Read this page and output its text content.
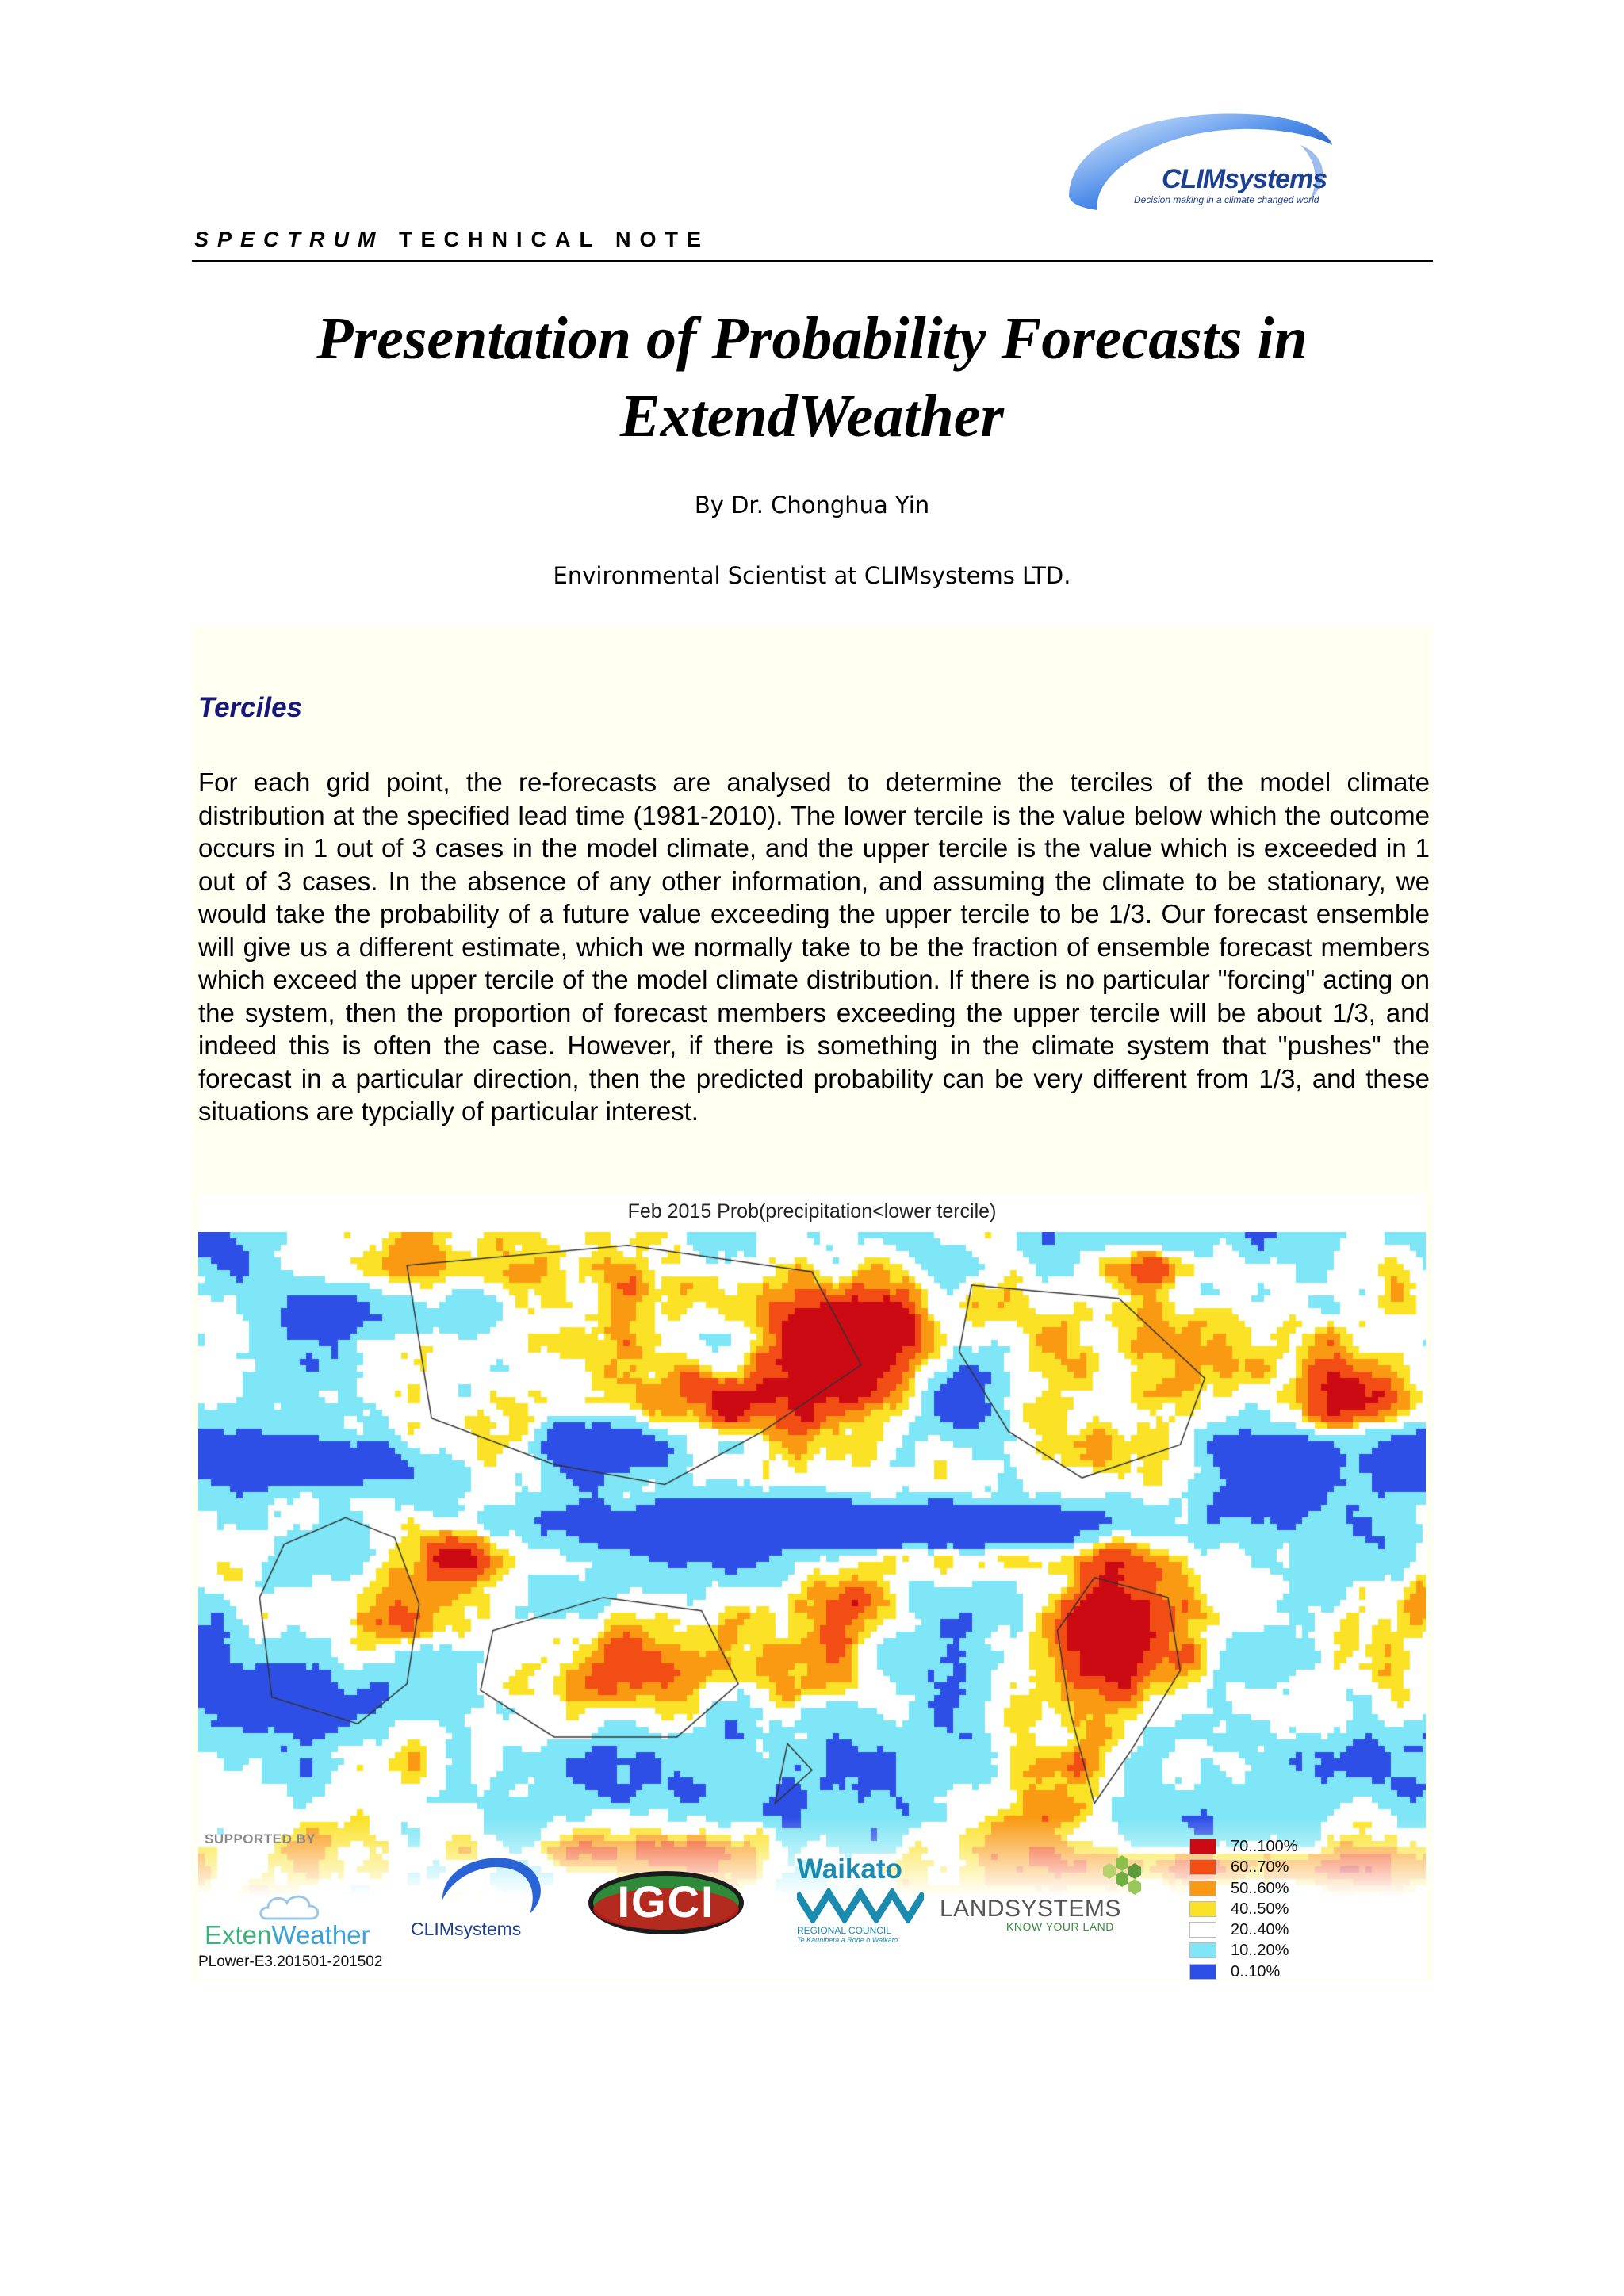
CLIMsystems
Decision making in a climate changed world
SPECTRUM TECHNICAL NOTE
Presentation of Probability Forecasts in
ExtendWeather
By Dr. Chonghua Yin
Environmental Scientist at CLIMsystems LTD.
Terciles
For each grid point, the re-forecasts are analysed to determine the terciles of the model climate distribution at the specified lead time (1981-2010). The lower tercile is the value below which the outcome occurs in 1 out of 3 cases in the model climate, and the upper tercile is the value which is exceeded in 1 out of 3 cases. In the absence of any other information, and assuming the climate to be stationary, we would take the probability of a future value exceeding the upper tercile to be 1/3. Our forecast ensemble will give us a different estimate, which we normally take to be the fraction of ensemble forecast members which exceed the upper tercile of the model climate distribution. If there is no particular "forcing" acting on the system, then the proportion of forecast members exceeding the upper tercile will be about 1/3, and indeed this is often the case. However, if there is something in the climate system that "pushes" the forecast in a particular direction, then the predicted probability can be very different from 1/3, and these situations are typcially of particular interest.
Feb 2015 Prob(precipitation<lower tercile)
SUPPORTED BY
ExtenWeather CLIMsystems
IGCI
Waikato
REGIONAL COUNCIL
Te Kaunihera a Rohe o Waikato
LANDSYSTEMS
KNOW YOUR LAND
70..100%
60..70%
50..60%
40..50%
20..40%
10..20%
0..10%
PLower-E3.201501-201502
